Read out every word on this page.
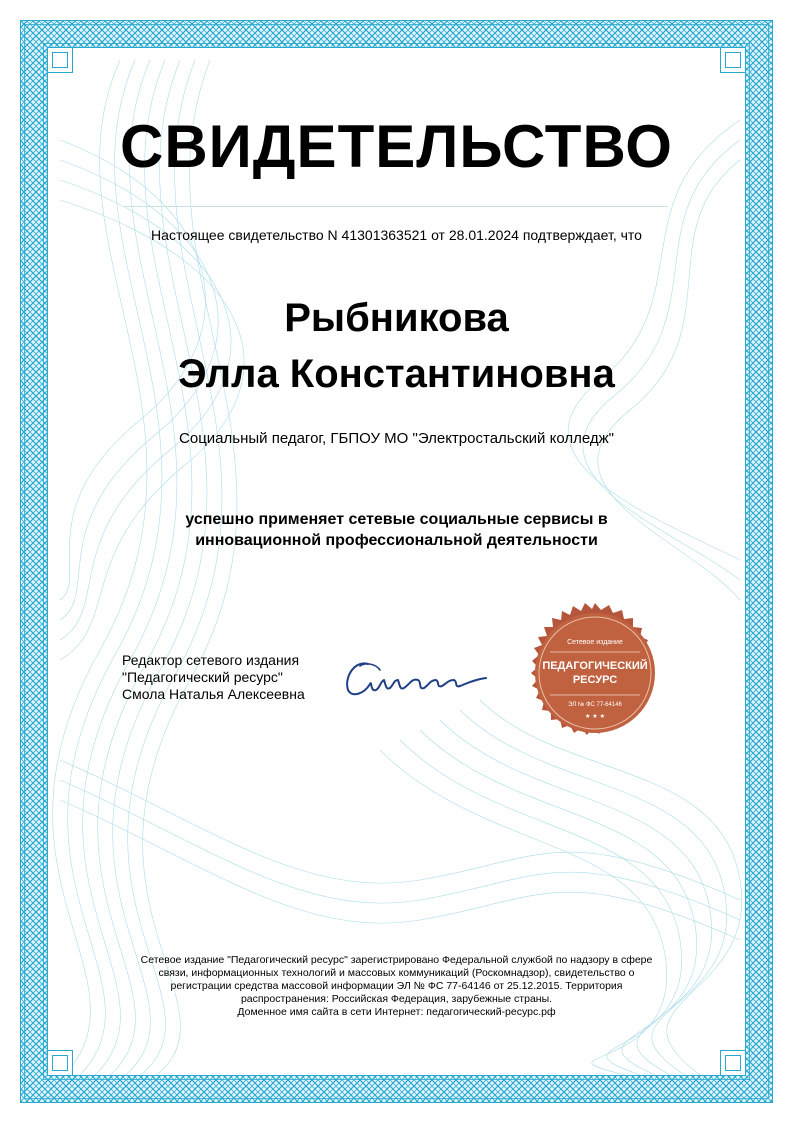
СВИДЕТЕЛЬСТВО
Настоящее свидетельство N 41301363521 от 28.01.2024 подтверждает, что
Рыбникова
Элла Константиновна
Социальный педагог, ГБПОУ МО "Электростальский колледж"
успешно применяет сетевые социальные сервисы в инновационной профессиональной деятельности
Редактор сетевого издания
"Педагогический ресурс"
Смола Наталья Алексеевна
Сетевое издание
ПЕДАГОГИЧЕСКИЙ
РЕСУРС
ЭЛ № ФС 77-64146
★ ★ ★
Сетевое издание "Педагогический ресурс" зарегистрировано Федеральной службой по надзору в сфере
связи, информационных технологий и массовых коммуникаций (Роскомнадзор), свидетельство о
регистрации средства массовой информации ЭЛ № ФС 77-64146 от 25.12.2015. Территория
распространения: Российская Федерация, зарубежные страны.
Доменное имя сайта в сети Интернет: педагогический-ресурс.рф
